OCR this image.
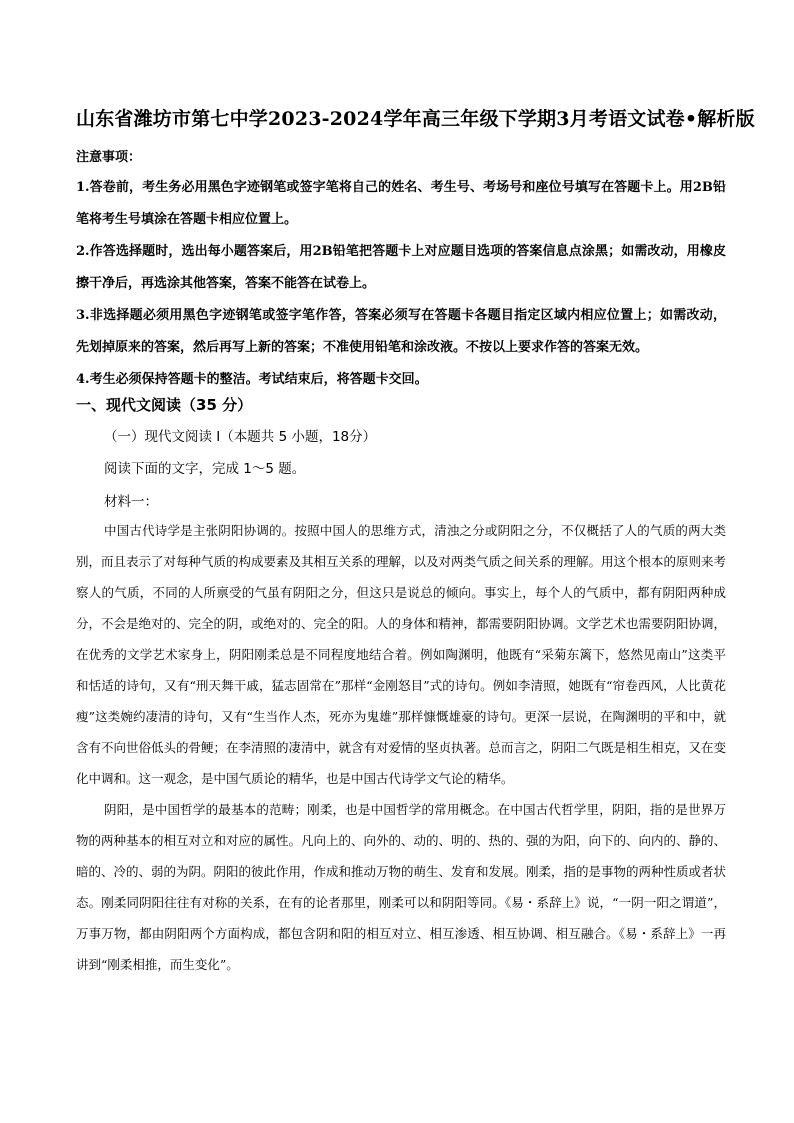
山东省潍坊市第七中学2023-2024学年高三年级下学期3月考语文试卷•解析版
注意事项：

1.答卷前，考生务必用黑色字迹钢笔或签字笔将自己的姓名、考生号、考场号和座位号填写在答题卡上。用2B铅笔将考生号填涂在答题卡相应位置上。

2.作答选择题时，选出每小题答案后，用2B铅笔把答题卡上对应题目选项的答案信息点涂黑；如需改动，用橡皮擦干净后，再选涂其他答案，答案不能答在试卷上。

3.非选择题必须用黑色字迹钢笔或签字笔作答，答案必须写在答题卡各题目指定区域内相应位置上；如需改动，先划掉原来的答案，然后再写上新的答案；不准使用铅笔和涂改液。不按以上要求作答的答案无效。

4.考生必须保持答题卡的整洁。考试结束后，将答题卡交回。

一、现代文阅读（35 分）
（一）现代文阅读 I（本题共 5 小题，18分）
阅读下面的文字，完成 1～5 题。
材料一：

中国古代诗学是主张阴阳协调的。按照中国人的思维方式，清浊之分或阴阳之分，不仅概括了人的气质的两大类别，而且表示了对每种气质的构成要素及其相互关系的理解，以及对两类气质之间关系的理解。用这个根本的原则来考察人的气质，不同的人所禀受的气虽有阴阳之分，但这只是说总的倾向。事实上，每个人的气质中，都有阴阳两种成分，不会是绝对的、完全的阴，或绝对的、完全的阳。人的身体和精神，都需要阴阳协调。文学艺术也需要阴阳协调，在优秀的文学艺术家身上，阴阳刚柔总是不同程度地结合着。例如陶渊明，他既有“采菊东篱下，悠然见南山”这类平和恬适的诗句，又有“刑天舞干戚，猛志固常在”那样“金刚怒目”式的诗句。例如李清照，她既有“帘卷西风，人比黄花瘦”这类婉约凄清的诗句，又有“生当作人杰，死亦为鬼雄”那样慷慨雄豪的诗句。更深一层说，在陶渊明的平和中，就含有不向世俗低头的骨鲠；在李清照的凄清中，就含有对爱情的坚贞执著。总而言之，阴阳二气既是相生相克，又在变化中调和。这一观念，是中国气质论的精华，也是中国古代诗学文气论的精华。

阴阳，是中国哲学的最基本的范畴；刚柔，也是中国哲学的常用概念。在中国古代哲学里，阴阳，指的是世界万物的两种基本的相互对立和对应的属性。凡向上的、向外的、动的、明的、热的、强的为阳，向下的、向内的、静的、暗的、冷的、弱的为阴。阴阳的彼此作用，作成和推动万物的萌生、发育和发展。刚柔，指的是事物的两种性质或者状态。刚柔同阴阳往往有对称的关系，在有的论者那里，刚柔可以和阴阳等同。《易・系辞上》说，“一阴一阳之谓道”，万事万物，都由阴阳两个方面构成，都包含阴和阳的相互对立、相互渗透、相互协调、相互融合。《易・系辞上》一再讲到“刚柔相推，而生变化”。
